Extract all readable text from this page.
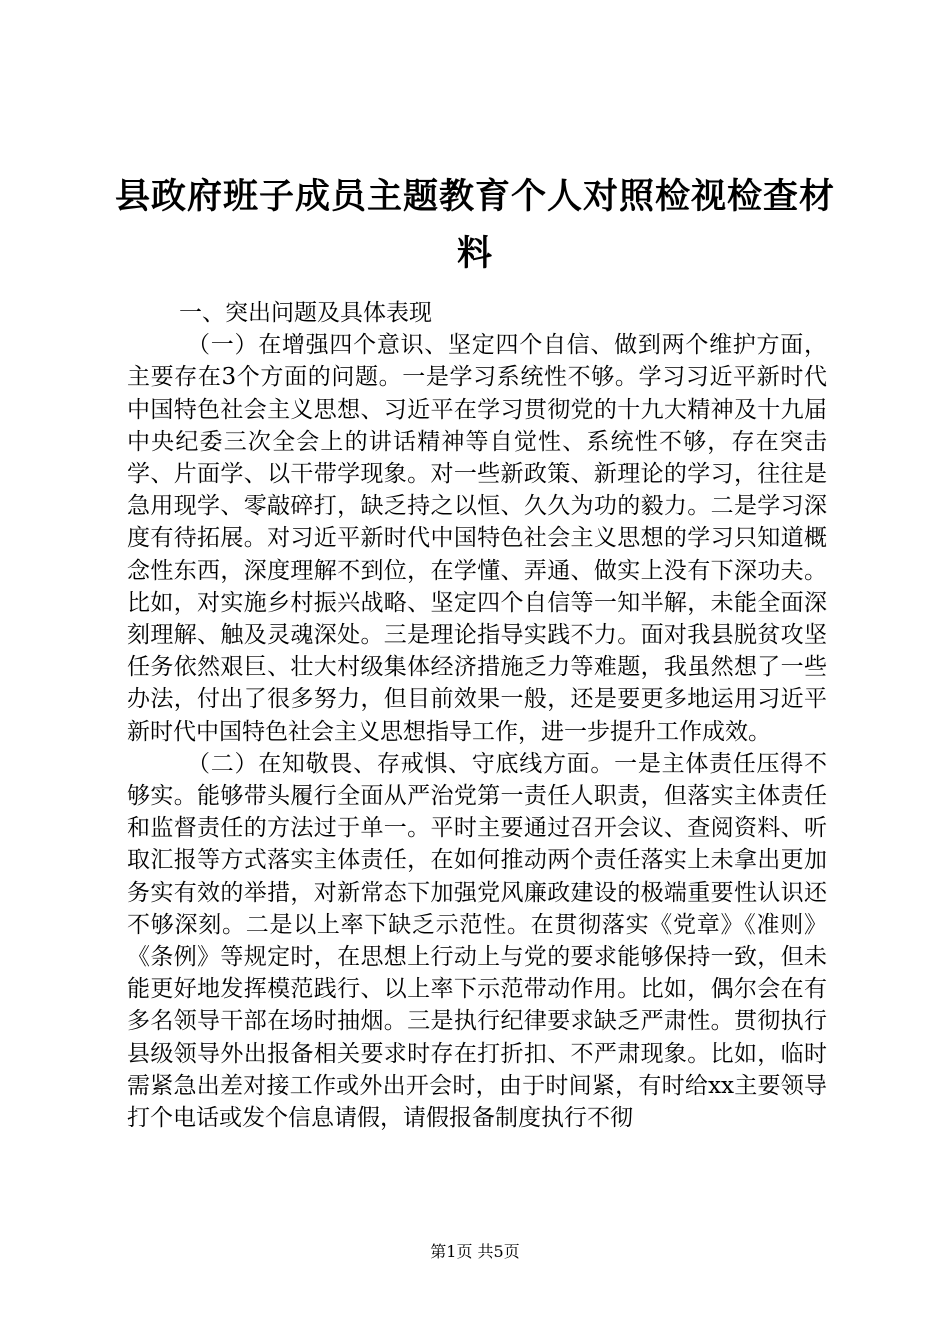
县政府班子成员主题教育个人对照检视检查材料

一、突出问题及具体表现

（一）在增强四个意识、坚定四个自信、做到两个维护方面，主要存在3个方面的问题。一是学习系统性不够。学习习近平新时代中国特色社会主义思想、习近平在学习贯彻党的十九大精神及十九届中央纪委三次全会上的讲话精神等自觉性、系统性不够，存在突击学、片面学、以干带学现象。对一些新政策、新理论的学习，往往是急用现学、零敲碎打，缺乏持之以恒、久久为功的毅力。二是学习深度有待拓展。对习近平新时代中国特色社会主义思想的学习只知道概念性东西，深度理解不到位，在学懂、弄通、做实上没有下深功夫。比如，对实施乡村振兴战略、坚定四个自信等一知半解，未能全面深刻理解、触及灵魂深处。三是理论指导实践不力。面对我县脱贫攻坚任务依然艰巨、壮大村级集体经济措施乏力等难题，我虽然想了一些办法，付出了很多努力，但目前效果一般，还是要更多地运用习近平新时代中国特色社会主义思想指导工作，进一步提升工作成效。

（二）在知敬畏、存戒惧、守底线方面。一是主体责任压得不够实。能够带头履行全面从严治党第一责任人职责，但落实主体责任和监督责任的方法过于单一。平时主要通过召开会议、查阅资料、听取汇报等方式落实主体责任，在如何推动两个责任落实上未拿出更加务实有效的举措，对新常态下加强党风廉政建设的极端重要性认识还不够深刻。二是以上率下缺乏示范性。在贯彻落实《党章》《准则》《条例》等规定时，在思想上行动上与党的要求能够保持一致，但未能更好地发挥模范践行、以上率下示范带动作用。比如，偶尔会在有多名领导干部在场时抽烟。三是执行纪律要求缺乏严肃性。贯彻执行县级领导外出报备相关要求时存在打折扣、不严肃现象。比如，临时需紧急出差对接工作或外出开会时，由于时间紧，有时给xx主要领导打个电话或发个信息请假，请假报备制度执行不彻

第1页 共5页
